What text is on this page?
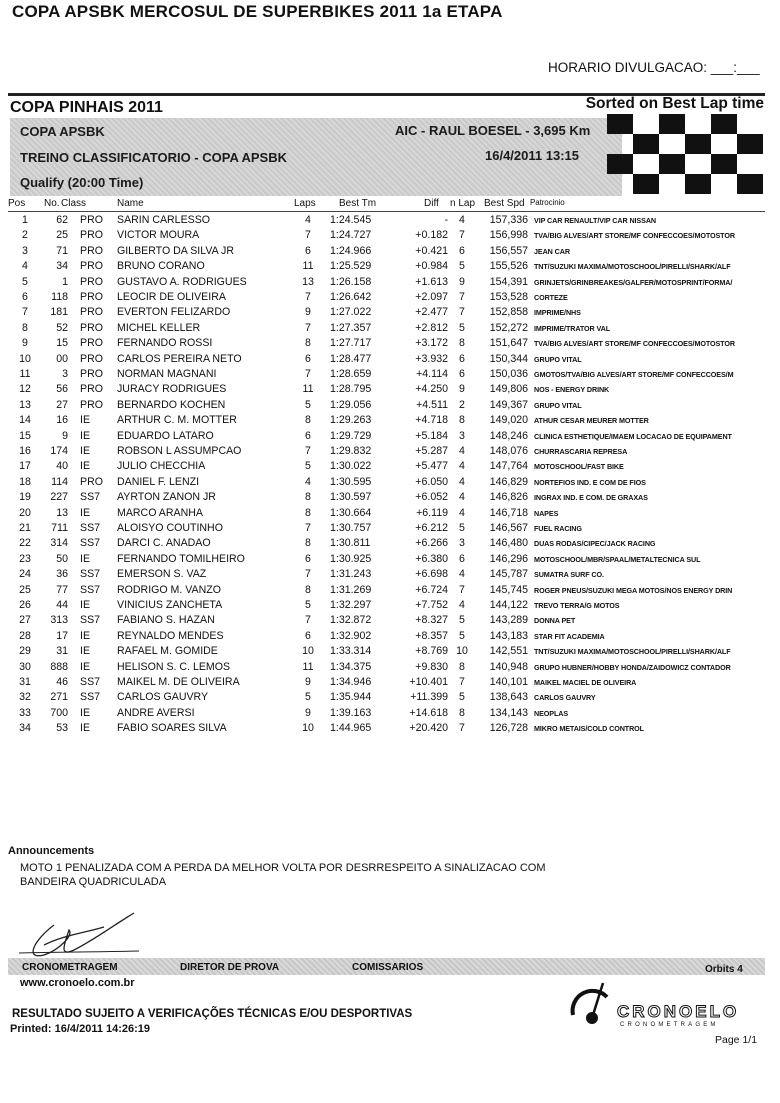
COPA APSBK MERCOSUL DE SUPERBIKES 2011 1a ETAPA
HORARIO DIVULGACAO: ___:___
COPA PINHAIS 2011	Sorted on Best Lap time
COPA APSBK	AIC - RAUL BOESEL - 3,695 Km
TREINO CLASSIFICATORIO - COPA APSBK	16/4/2011 13:15
Qualify (20:00 Time)
Pos No. Class	Name	Laps Best Tm	Diff n Lap Best Spd Patrocinio
1	62 PRO SARIN CARLESSO	4	1:24.545	-	4	157,336 VIP CAR RENAULT/VIP CAR NISSAN
2	25 PRO VICTOR MOURA	7	1:24.727	+0.182	7	156,998 TVA/BIG ALVES/ART STORE/MF CONFECCOES/MOTOSTOR
3	71 PRO GILBERTO DA SILVA JR	6	1:24.966	+0.421	6	156,557 JEAN CAR
4	34 PRO BRUNO CORANO	11	1:25.529	+0.984	5	155,526 TNT/SUZUKI MAXIMA/MOTOSCHOOL/PIRELLI/SHARK/ALF
5	1 PRO GUSTAVO A. RODRIGUES	13	1:26.158	+1.613	9	154,391 GRINJETS/GRINBREAKES/GALFER/MOTOSPRINT/FORMA/
6	118 PRO LEOCIR DE OLIVEIRA	7	1:26.642	+2.097	7	153,528 CORTEZE
7	181 PRO EVERTON FELIZARDO	9	1:27.022	+2.477	7	152,858 IMPRIME/NHS
8	52 PRO MICHEL KELLER	7	1:27.357	+2.812	5	152,272 IMPRIME/TRATOR VAL
9	15 PRO FERNANDO ROSSI	8	1:27.717	+3.172	8	151,647 TVA/BIG ALVES/ART STORE/MF CONFECCOES/MOTOSTOR
10	00 PRO CARLOS PEREIRA NETO	6	1:28.477	+3.932	6	150,344 GRUPO VITAL
11	3 PRO NORMAN MAGNANI	7	1:28.659	+4.114	6	150,036 GMOTOS/TVA/BIG ALVES/ART STORE/MF CONFECCOES/M
12	56 PRO JURACY RODRIGUES	11	1:28.795	+4.250	9	149,806 NOS - ENERGY DRINK
13	27 PRO BERNARDO KOCHEN	5	1:29.056	+4.511	2	149,367 GRUPO VITAL
14	16 IE	ARTHUR C. M. MOTTER	8	1:29.263	+4.718	8	149,020 ATHUR CESAR MEURER MOTTER
15	9 IE	EDUARDO LATARO	6	1:29.729	+5.184	3	148,246 CLINICA ESTHETIQUE/IMAEM LOCACAO DE EQUIPAMENT
16	174 IE	ROBSON L ASSUMPCAO	7	1:29.832	+5.287	4	148,076 CHURRASCARIA REPRESA
17	40 IE	JULIO CHECCHIA	5	1:30.022	+5.477	4	147,764 MOTOSCHOOL/FAST BIKE
18	114 PRO DANIEL F. LENZI	4	1:30.595	+6.050	4	146,829 NORTEFIOS IND. E COM DE FIOS
19	227 SS7 AYRTON ZANON JR	8	1:30.597	+6.052	4	146,826 INGRAX IND. E COM. DE GRAXAS
20	13 IE	MARCO ARANHA	8	1:30.664	+6.119	4	146,718 NAPES
21	711 SS7 ALOISYO COUTINHO	7	1:30.757	+6.212	5	146,567 FUEL RACING
22	314 SS7 DARCI C. ANADAO	8	1:30.811	+6.266	3	146,480 DUAS RODAS/CIPEC/JACK RACING
23	50 IE	FERNANDO TOMILHEIRO	6	1:30.925	+6.380	6	146,296 MOTOSCHOOL/MBR/SPAAL/METALTECNICA SUL
24	36 SS7 EMERSON S. VAZ	7	1:31.243	+6.698	4	145,787 SUMATRA SURF CO.
25	77 SS7 RODRIGO M. VANZO	8	1:31.269	+6.724	7	145,745 ROGER PNEUS/SUZUKI MEGA MOTOS/NOS ENERGY DRIN
26	44 IE	VINICIUS ZANCHETA	5	1:32.297	+7.752	4	144,122 TREVO TERRA/G MOTOS
27	313 SS7 FABIANO S. HAZAN	7	1:32.872	+8.327	5	143,289 DONNA PET
28	17 IE	REYNALDO MENDES	6	1:32.902	+8.357	5	143,183 STAR FIT ACADEMIA
29	31 IE	RAFAEL M. GOMIDE	10	1:33.314	+8.769 10	142,551 TNT/SUZUKI MAXIMA/MOTOSCHOOL/PIRELLI/SHARK/ALF
30	888 IE	HELISON S. C. LEMOS	11	1:34.375	+9.830	8	140,948 GRUPO HUBNER/HOBBY HONDA/ZAIDOWICZ CONTADOR
31	46 SS7 MAIKEL M. DE OLIVEIRA	9	1:34.946	+10.401	7	140,101 MAIKEL MACIEL DE OLIVEIRA
32	271 SS7 CARLOS GAUVRY	5	1:35.944	+11.399	5	138,643 CARLOS GAUVRY
33	700 IE	ANDRE AVERSI	9	1:39.163	+14.618	8	134,143 NEOPLAS
34	53 IE	FABIO SOARES SILVA	10	1:44.965	+20.420	7	126,728 MIKRO METAIS/COLD CONTROL
Announcements
MOTO 1 PENALIZADA COM A PERDA DA MELHOR VOLTA POR DESRRESPEITO A SINALIZACAO COM BANDEIRA QUADRICULADA
CRONOMETRAGEM	DIRETOR DE PROVA	COMISSARIOS	Orbits 4
www.cronoelo.com.br
RESULTADO SUJEITO A VERIFICAÇÕES TÉCNICAS E/OU DESPORTIVAS
Printed: 16/4/2011 14:26:19
CRONOELO
CRONOMETRAGEM
Page 1/1
